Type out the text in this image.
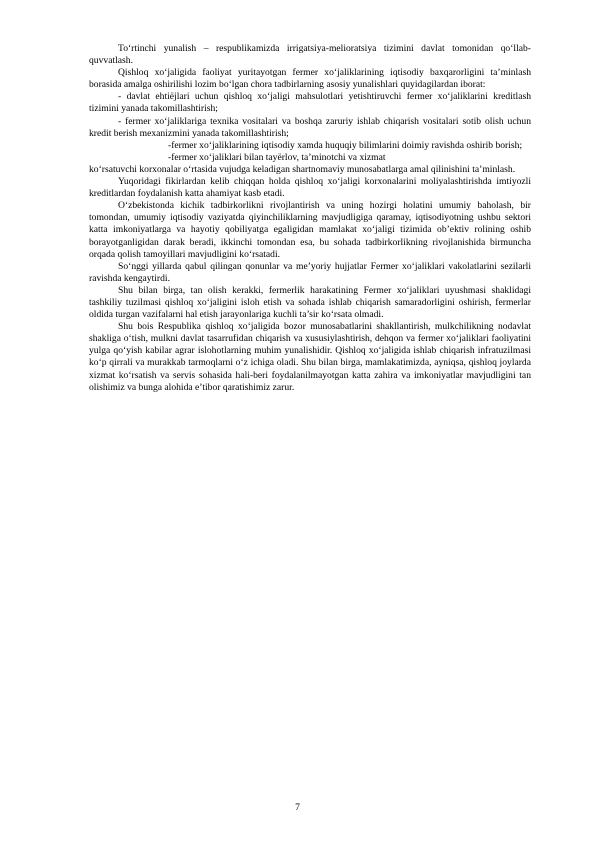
To‘rtinchi yunalish – respublikamizda irrigatsiya-melioratsiya tizimini davlat tomonidan qo‘llab-quvvatlash.

Qishloq xo‘jaligida faoliyat yuritayotgan fermer xo‘jaliklarining iqtisodiy baxqarorligini ta’minlash borasida amalga oshirilishi lozim bo‘lgan chora tadbirlarning asosiy yunalishlari quyidagilardan iborat:

- davlat ehtiёjlari uchun qishloq xo‘jaligi mahsulotlari yetishtiruvchi fermer xo‘jaliklarini kreditlash tizimini yanada takomillashtirish;

- fermer xo‘jaliklariga texnika vositalari va boshqa zaruriy ishlab chiqarish vositalari sotib olish uchun kredit berish mexanizmini yanada takomillashtirish;

-fermer xo‘jaliklarining iqtisodiy xamda huquqiy bilimlarini doimiy ravishda oshirib borish;

-fermer xo‘jaliklari bilan tayёrlov, ta’minotchi va xizmat

ko‘rsatuvchi korxonalar o‘rtasida vujudga keladigan shartnomaviy munosabatlarga amal qilinishini ta’minlash.

Yuqoridagi fikirlardan kelib chiqqan holda qishloq xo‘jaligi korxonalarini moliyalashtirishda imtiyozli kreditlardan foydalanish katta ahamiyat kasb etadi.

O‘zbekistonda kichik tadbirkorlikni rivojlantirish va uning hozirgi holatini umumiy baholash, bir tomondan, umumiy iqtisodiy vaziyatda qiyinchiliklarning mavjudligiga qaramay, iqtisodiyotning ushbu sektori katta imkoniyatlarga va hayotiy qobiliyatga egaligidan mamlakat xo‘jaligi tizimida ob’ektiv rolining oshib borayotganligidan darak beradi, ikkinchi tomondan esa, bu sohada tadbirkorlikning rivojlanishida birmuncha orqada qolish tamoyillari mavjudligini ko‘rsatadi.

So‘nggi yillarda qabul qilingan qonunlar va me’yoriy hujjatlar Fermer xo‘jaliklari vakolatlarini sezilarli ravishda kengaytirdi.

Shu bilan birga, tan olish kerakki, fermerlik harakatining Fermer xo‘jaliklari uyushmasi shaklidagi tashkiliy tuzilmasi qishloq xo‘jaligini isloh etish va sohada ishlab chiqarish samaradorligini oshirish, fermerlar oldida turgan vazifalarni hal etish jarayonlariga kuchli ta’sir ko‘rsata olmadi.

Shu bois Respublika qishloq xo‘jaligida bozor munosabatlarini shakllantirish, mulkchilikning nodavlat shakliga o‘tish, mulkni davlat tasarrufidan chiqarish va xususiylashtirish, dehqon va fermer xo‘jaliklari faoliyatini yulga qo‘yish kabilar agrar islohotlarning muhim yunalishidir. Qishloq xo‘jaligida ishlab chiqarish infratuzilmasi ko‘p qirrali va murakkab tarmoqlarni o‘z ichiga oladi. Shu bilan birga, mamlakatimizda, ayniqsa, qishloq joylarda xizmat ko‘rsatish va servis sohasida hali-beri foydalanilmayotgan katta zahira va imkoniyatlar mavjudligini tan olishimiz va bunga alohida e’tibor qaratishimiz zarur.

7
